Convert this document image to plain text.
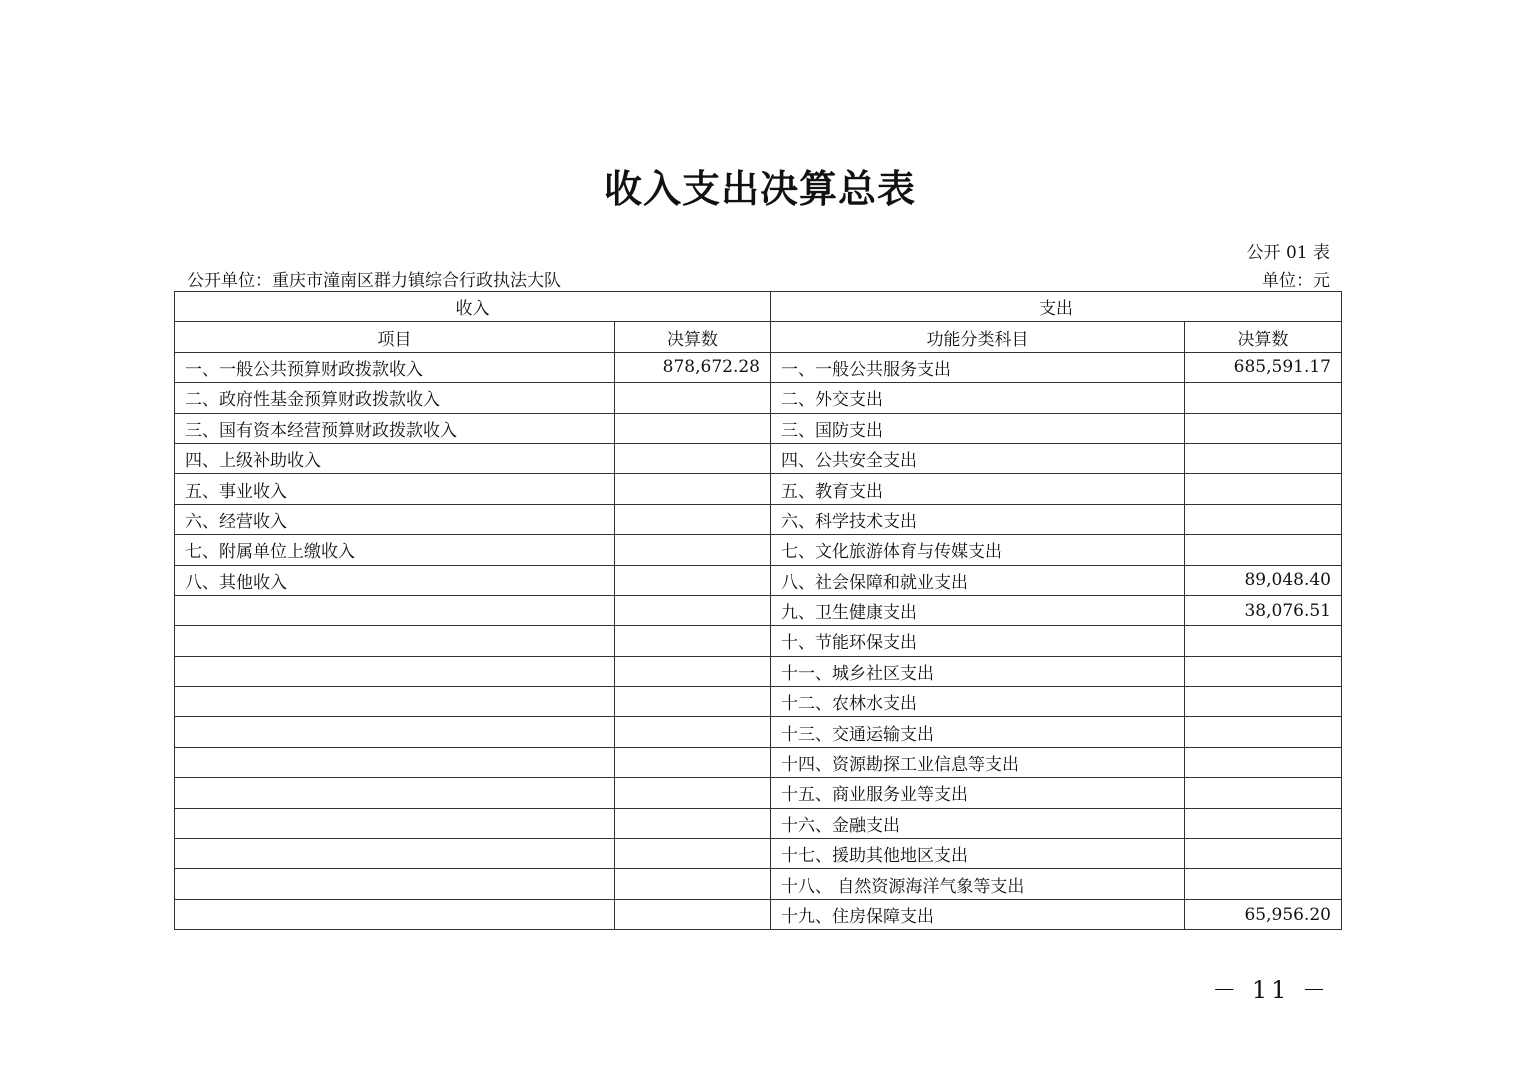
收入支出决算总表
公开 01 表
公开单位：重庆市潼南区群力镇综合行政执法大队	单位：元
收入		支出	
项目	决算数	功能分类科目	决算数
一、一般公共预算财政拨款收入	878,672.28	一、一般公共服务支出	685,591.17
二、政府性基金预算财政拨款收入		二、外交支出	
三、国有资本经营预算财政拨款收入		三、国防支出	
四、上级补助收入		四、公共安全支出	
五、事业收入		五、教育支出	
六、经营收入		六、科学技术支出	
七、附属单位上缴收入		七、文化旅游体育与传媒支出	
八、其他收入		八、社会保障和就业支出	89,048.40
		九、卫生健康支出	38,076.51
		十、节能环保支出	
		十一、城乡社区支出	
		十二、农林水支出	
		十三、交通运输支出	
		十四、资源勘探工业信息等支出	
		十五、商业服务业等支出	
		十六、金融支出	
		十七、援助其他地区支出	
		十八、 自然资源海洋气象等支出	
		十九、住房保障支出	65,956.20
－ 11 －
